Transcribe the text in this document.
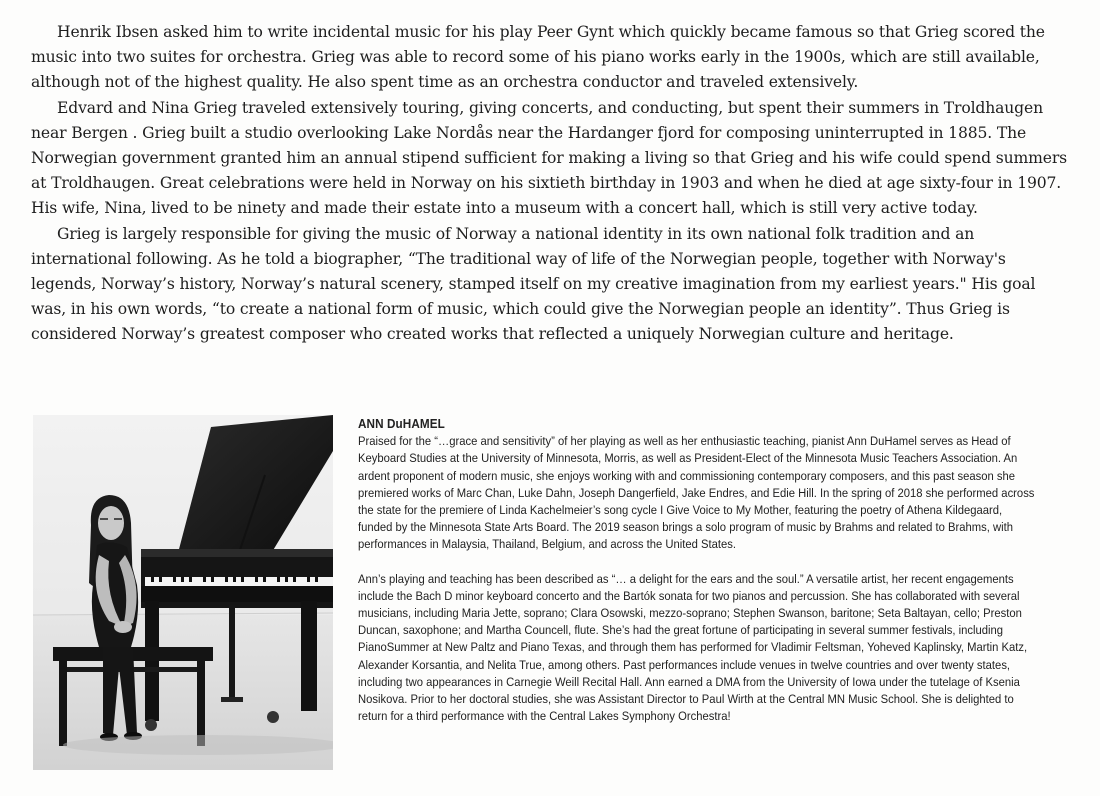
Henrik Ibsen asked him to write incidental music for his play Peer Gynt which quickly became famous so that Grieg scored the music into two suites for orchestra. Grieg was able to record some of his piano works early in the 1900s, which are still available, although not of the highest quality. He also spent time as an orchestra conductor and traveled extensively.

Edvard and Nina Grieg traveled extensively touring, giving concerts, and conducting, but spent their summers in Troldhaugen near Bergen . Grieg built a studio overlooking Lake Nordås near the Hardanger fjord for composing uninterrupted in 1885. The Norwegian government granted him an annual stipend sufficient for making a living so that Grieg and his wife could spend summers at Troldhaugen. Great celebrations were held in Norway on his sixtieth birthday in 1903 and when he died at age sixty-four in 1907. His wife, Nina, lived to be ninety and made their estate into a museum with a concert hall, which is still very active today.

Grieg is largely responsible for giving the music of Norway a national identity in its own national folk tradition and an international following. As he told a biographer, “The traditional way of life of the Norwegian people, together with Norway's legends, Norway’s history, Norway’s natural scenery, stamped itself on my creative imagination from my earliest years." His goal was, in his own words, “to create a national form of music, which could give the Norwegian people an identity”. Thus Grieg is considered Norway’s greatest composer who created works that reflected a uniquely Norwegian culture and heritage.

ANN DuHAMEL

Praised for the “…grace and sensitivity” of her playing as well as her enthusiastic teaching, pianist Ann DuHamel serves as Head of Keyboard Studies at the University of Minnesota, Morris, as well as President-Elect of the Minnesota Music Teachers Association. An ardent proponent of modern music, she enjoys working with and commissioning contemporary composers, and this past season she premiered works of Marc Chan, Luke Dahn, Joseph Dangerfield, Jake Endres, and Edie Hill. In the spring of 2018 she performed across the state for the premiere of Linda Kachelmeier’s song cycle I Give Voice to My Mother, featuring the poetry of Athena Kildegaard, funded by the Minnesota State Arts Board. The 2019 season brings a solo program of music by Brahms and related to Brahms, with performances in Malaysia, Thailand, Belgium, and across the United States.

Ann’s playing and teaching has been described as “… a delight for the ears and the soul.” A versatile artist, her recent engagements include the Bach D minor keyboard concerto and the Bartók sonata for two pianos and percussion. She has collaborated with several musicians, including Maria Jette, soprano; Clara Osowski, mezzo-soprano; Stephen Swanson, baritone; Seta Baltayan, cello; Preston Duncan, saxophone; and Martha Councell, flute. She’s had the great fortune of participating in several summer festivals, including PianoSummer at New Paltz and Piano Texas, and through them has performed for Vladimir Feltsman, Yoheved Kaplinsky, Martin Katz, Alexander Korsantia, and Nelita True, among others. Past performances include venues in twelve countries and over twenty states, including two appearances in Carnegie Weill Recital Hall. Ann earned a DMA from the University of Iowa under the tutelage of Ksenia Nosikova. Prior to her doctoral studies, she was Assistant Director to Paul Wirth at the Central MN Music School. She is delighted to return for a third performance with the Central Lakes Symphony Orchestra!
